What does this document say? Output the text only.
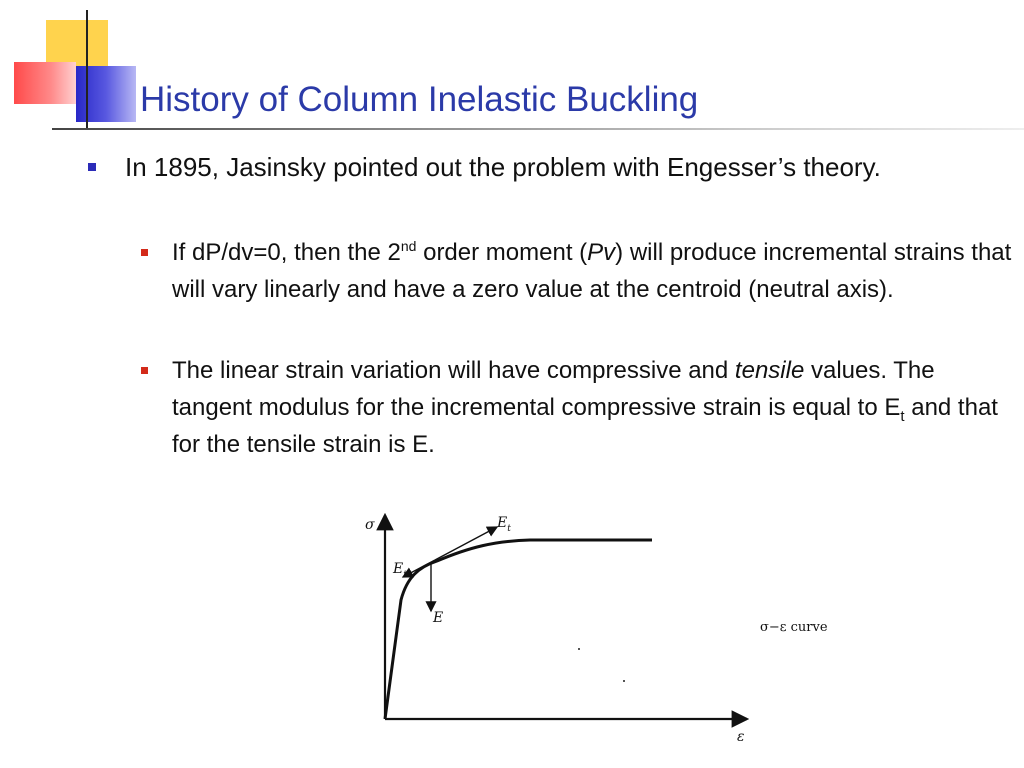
History of Column Inelastic Buckling
In 1895, Jasinsky pointed out the problem with Engesser’s theory.
If dP/dv=0, then the 2nd order moment (Pv) will produce incremental strains that will vary linearly and have a zero value at the centroid (neutral axis).
The linear strain variation will have compressive and tensile values. The tangent modulus for the incremental compressive strain is equal to $E_t$ and that for the tensile strain is E.
σ
ε
$E_t$
$E_t$
E
σ−ε curve
